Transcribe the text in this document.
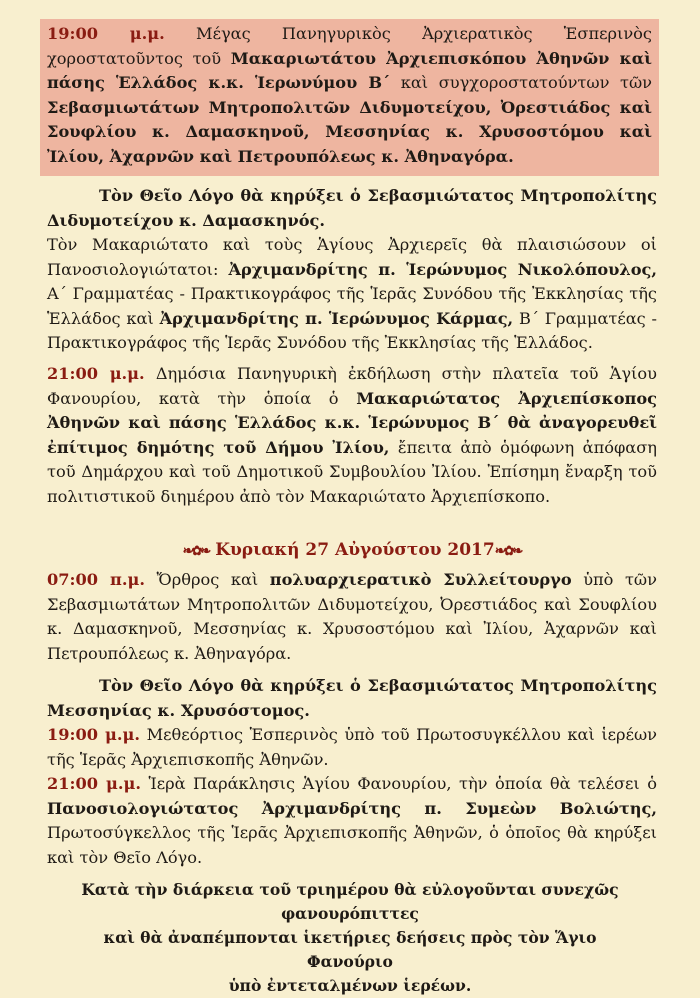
19:00 μ.μ. Μέγας Πανηγυρικὸς Ἀρχιερατικὸς Ἑσπερινὸς χοροστατοῦντος τοῦ Μακαριωτάτου Ἀρχιεπισκόπου Ἀθηνῶν καὶ πάσης Ἑλλάδος κ.κ. Ἱερωνύμου Β΄ καὶ συγχοροστατούντων τῶν Σεβασμιωτάτων Μητροπολιτῶν Διδυμοτείχου, Ὀρεστιάδος καὶ Σουφλίου κ. Δαμασκηνοῦ, Μεσσηνίας κ. Χρυσοστόμου καὶ Ἰλίου, Ἀχαρνῶν καὶ Πετρουπόλεως κ. Ἀθηναγόρα.
Τὸν Θεῖο Λόγο θὰ κηρύξει ὁ Σεβασμιώτατος Μητροπολίτης Διδυμοτείχου κ. Δαμασκηνός.
Τὸν Μακαριώτατο καὶ τοὺς Ἁγίους Ἀρχιερεῖς θὰ πλαισιώσουν οἱ Πανοσιολογιώτατοι: Ἀρχιμανδρίτης π. Ἱερώνυμος Νικολόπουλος, Α΄ Γραμματέας - Πρακτικογράφος τῆς Ἱερᾶς Συνόδου τῆς Ἐκκλησίας τῆς Ἑλλάδος καὶ Ἀρχιμανδρίτης π. Ἱερώνυμος Κάρμας, Β΄ Γραμματέας - Πρακτικογράφος τῆς Ἱερᾶς Συνόδου τῆς Ἐκκλησίας τῆς Ἑλλάδος.
21:00 μ.μ. Δημόσια Πανηγυρικὴ ἐκδήλωση στὴν πλατεῖα τοῦ Ἁγίου Φανουρίου, κατὰ τὴν ὁποία ὁ Μακαριώτατος Ἀρχιεπίσκοπος Ἀθηνῶν καὶ πάσης Ἑλλάδος κ.κ. Ἱερώνυμος Β΄ θὰ ἀναγορευθεῖ ἐπίτιμος δημότης τοῦ Δήμου Ἰλίου, ἔπειτα ἀπὸ ὁμόφωνη ἀπόφαση τοῦ Δημάρχου καὶ τοῦ Δημοτικοῦ Συμβουλίου Ἰλίου. Ἐπίσημη ἔναρξη τοῦ πολιτιστικοῦ διημέρου ἀπὸ τὸν Μακαριώτατο Ἀρχιεπίσκοπο.
❧✿❧ Κυριακή 27 Αὐγούστου 2017❧✿❧
07:00 π.μ. Ὄρθρος καὶ πολυαρχιερατικὸ Συλλείτουργο ὑπὸ τῶν Σεβασμιωτάτων Μητροπολιτῶν Διδυμοτείχου, Ὀρεστιάδος καὶ Σουφλίου κ. Δαμασκηνοῦ, Μεσσηνίας κ. Χρυσοστόμου καὶ Ἰλίου, Ἀχαρνῶν καὶ Πετρουπόλεως κ. Ἀθηναγόρα.
Τὸν Θεῖο Λόγο θὰ κηρύξει ὁ Σεβασμιώτατος Μητροπολίτης Μεσσηνίας κ. Χρυσόστομος.
19:00 μ.μ. Μεθεόρτιος Ἑσπερινὸς ὑπὸ τοῦ Πρωτοσυγκέλλου καὶ ἱερέων τῆς Ἱερᾶς Ἀρχιεπισκοπῆς Ἀθηνῶν.
21:00 μ.μ. Ἱερὰ Παράκλησις Ἁγίου Φανουρίου, τὴν ὁποία θὰ τελέσει ὁ Πανοσιολογιώτατος Ἀρχιμανδρίτης π. Συμεὼν Βολιώτης, Πρωτοσύγκελλος τῆς Ἱερᾶς Ἀρχιεπισκοπῆς Ἀθηνῶν, ὁ ὁποῖος θὰ κηρύξει καὶ τὸν Θεῖο Λόγο.
Κατὰ τὴν διάρκεια τοῦ τριημέρου θὰ εὐλογοῦνται συνεχῶς φανουρόπιττες
καὶ θὰ ἀναπέμπονται ἱκετήριες δεήσεις πρὸς τὸν Ἅγιο Φανούριο
ὑπὸ ἐντεταλμένων ἱερέων.
